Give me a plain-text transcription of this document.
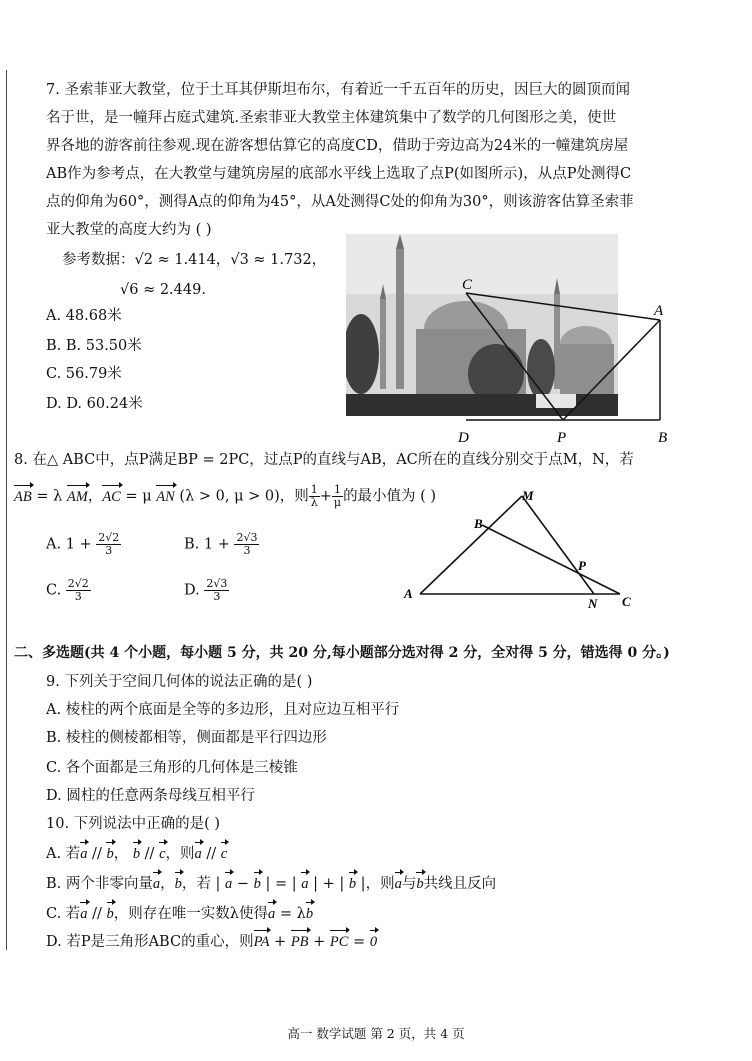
7. 圣索菲亚大教堂，位于土耳其伊斯坦布尔，有着近一千五百年的历史，因巨大的圆顶而闻
名于世，是一幢拜占庭式建筑.圣索菲亚大教堂主体建筑集中了数学的几何图形之美，使世
界各地的游客前往参观.现在游客想估算它的高度CD，借助于旁边高为24米的一幢建筑房屋
AB作为参考点，在大教堂与建筑房屋的底部水平线上选取了点P(如图所示)，从点P处测得C
点的仰角为60°，测得A点的仰角为45°，从A处测得C处的仰角为30°，则该游客估算圣索菲
亚大教堂的高度大约为 ( )
参考数据：√2 ≈ 1.414，√3 ≈ 1.732，
√6 ≈ 2.449.
A. 48.68米
B. B. 53.50米
C. 56.79米
D. D. 60.24米
C
A
D	P	B
8. 在△ ABC中，点P满足BP = 2PC，过点P的直线与AB，AC所在的直线分别交于点M，N，若
AB = λ AM，AC = μ AN (λ > 0, μ > 0)，则 $\frac{1}{\lambda} + \frac{1}{\mu}$ 的最小值为 ( )
A. $1 + \frac{2√2}{3}$	B. $1 + \frac{2√3}{3}$
C. $\frac{2√2}{3}$	D. $\frac{2√3}{3}$
M
B
P
A
N C
二、多选题(共 4 个小题，每小题 5 分，共 20 分,每小题部分选对得 2 分，全对得 5 分，错选得 0 分。)
9. 下列关于空间几何体的说法正确的是( )
A. 棱柱的两个底面是全等的多边形，且对应边互相平行
B. 棱柱的侧棱都相等，侧面都是平行四边形
C. 各个面都是三角形的几何体是三棱锥
D. 圆柱的任意两条母线互相平行
10. 下列说法中正确的是( )
A. 若a // b， b // c，则a // c
B. 两个非零向量a，b，若 | a − b | = | a | + | b |，则a与b共线且反向
C. 若a // b，则存在唯一实数λ使得a = λb
D. 若P是三角形ABC的重心，则PA + PB + PC = 0
高一 数学试题 第 2 页，共 4 页
